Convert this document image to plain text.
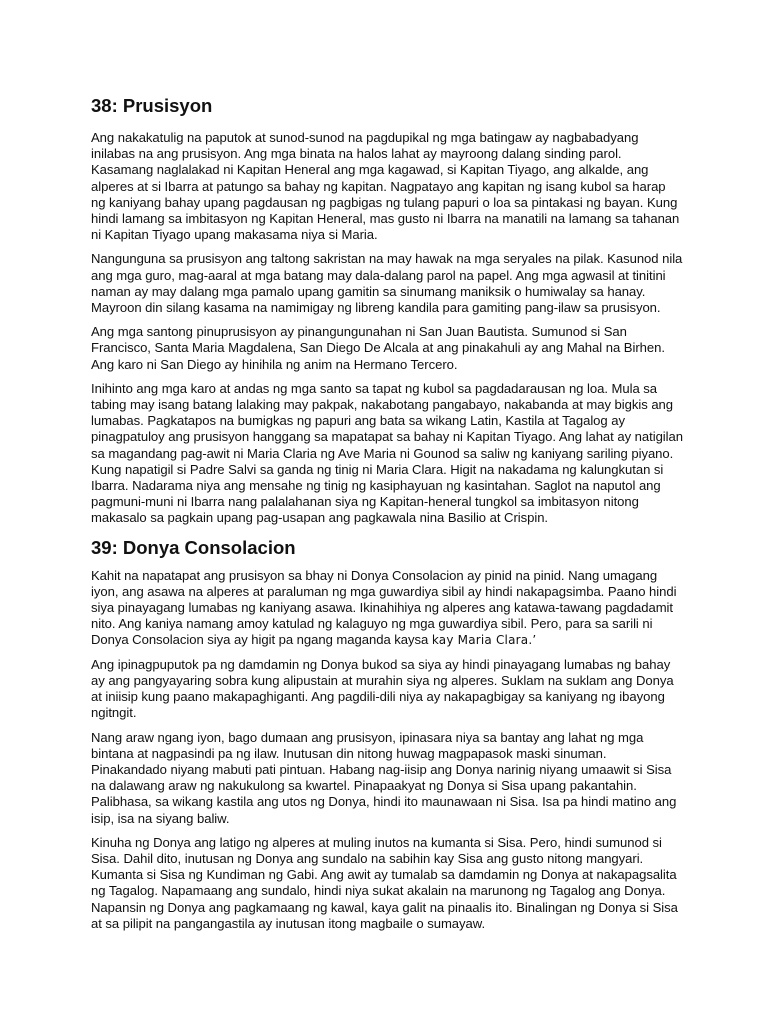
38: Prusisyon

Ang nakakatulig na paputok at sunod-sunod na pagdupikal ng mga batingaw ay nagbabadyang inilabas na ang prusisyon. Ang mga binata na halos lahat ay mayroong dalang sinding parol. Kasamang naglalakad ni Kapitan Heneral ang mga kagawad, si Kapitan Tiyago, ang alkalde, ang alperes at si Ibarra at patungo sa bahay ng kapitan. Nagpatayo ang kapitan ng isang kubol sa harap ng kaniyang bahay upang pagdausan ng pagbigas ng tulang papuri o loa sa pintakasi ng bayan. Kung hindi lamang sa imbitasyon ng Kapitan Heneral, mas gusto ni Ibarra na manatili na lamang sa tahanan ni Kapitan Tiyago upang makasama niya si Maria.

Nangunguna sa prusisyon ang taltong sakristan na may hawak na mga seryales na pilak. Kasunod nila ang mga guro, mag-aaral at mga batang may dala-dalang parol na papel. Ang mga agwasil at tinitini naman ay may dalang mga pamalo upang gamitin sa sinumang maniksik o humiwalay sa hanay. Mayroon din silang kasama na namimigay ng libreng kandila para gamiting pang-ilaw sa prusisyon.

Ang mga santong pinuprusisyon ay pinangungunahan ni San Juan Bautista. Sumunod si San Francisco, Santa Maria Magdalena, San Diego De Alcala at ang pinakahuli ay ang Mahal na Birhen. Ang karo ni San Diego ay hinihila ng anim na Hermano Tercero.

Inihinto ang mga karo at andas ng mga santo sa tapat ng kubol sa pagdadarausan ng loa. Mula sa tabing may isang batang lalaking may pakpak, nakabotang pangabayo, nakabanda at may bigkis ang lumabas. Pagkatapos na bumigkas ng papuri ang bata sa wikang Latin, Kastila at Tagalog ay pinagpatuloy ang prusisyon hanggang sa mapatapat sa bahay ni Kapitan Tiyago. Ang lahat ay natigilan sa magandang pag-awit ni Maria Claria ng Ave Maria ni Gounod sa saliw ng kaniyang sariling piyano. Kung napatigil si Padre Salvi sa ganda ng tinig ni Maria Clara. Higit na nakadama ng kalungkutan si Ibarra. Nadarama niya ang mensahe ng tinig ng kasiphayuan ng kasintahan. Saglot na naputol ang pagmuni-muni ni Ibarra nang palalahanan siya ng Kapitan-heneral tungkol sa imbitasyon nitong makasalo sa pagkain upang pag-usapan ang pagkawala nina Basilio at Crispin.

39: Donya Consolacion

Kahit na napatapat ang prusisyon sa bhay ni Donya Consolacion ay pinid na pinid. Nang umagang iyon, ang asawa na alperes at paraluman ng mga guwardiya sibil ay hindi nakapagsimba. Paano hindi siya pinayagang lumabas ng kaniyang asawa. Ikinahihiya ng alperes ang katawa-tawang pagdadamit nito. Ang kaniya namang amoy katulad ng kalaguyo ng mga guwardiya sibil. Pero, para sa sarili ni Donya Consolacion siya ay higit pa ngang maganda kaysa kay Maria Clara.’

Ang ipinagpuputok pa ng damdamin ng Donya bukod sa siya ay hindi pinayagang lumabas ng bahay ay ang pangyayaring sobra kung alipustain at murahin siya ng alperes. Suklam na suklam ang Donya at iniisip kung paano makapaghiganti. Ang pagdili-dili niya ay nakapagbigay sa kaniyang ng ibayong ngitngit.

Nang araw ngang iyon, bago dumaan ang prusisyon, ipinasara niya sa bantay ang lahat ng mga bintana at nagpasindi pa ng ilaw. Inutusan din nitong huwag magpapasok maski sinuman. Pinakandado niyang mabuti pati pintuan. Habang nag-iisip ang Donya narinig niyang umaawit si Sisa na dalawang araw ng nakukulong sa kwartel. Pinapaakyat ng Donya si Sisa upang pakantahin. Palibhasa, sa wikang kastila ang utos ng Donya, hindi ito maunawaan ni Sisa. Isa pa hindi matino ang isip, isa na siyang baliw.

Kinuha ng Donya ang latigo ng alperes at muling inutos na kumanta si Sisa. Pero, hindi sumunod si Sisa. Dahil dito, inutusan ng Donya ang sundalo na sabihin kay Sisa ang gusto nitong mangyari. Kumanta si Sisa ng Kundiman ng Gabi. Ang awit ay tumalab sa damdamin ng Donya at nakapagsalita ng Tagalog. Napamaang ang sundalo, hindi niya sukat akalain na marunong ng Tagalog ang Donya. Napansin ng Donya ang pagkamaang ng kawal, kaya galit na pinaalis ito. Binalingan ng Donya si Sisa at sa pilipit na pangangastila ay inutusan itong magbaile o sumayaw.
